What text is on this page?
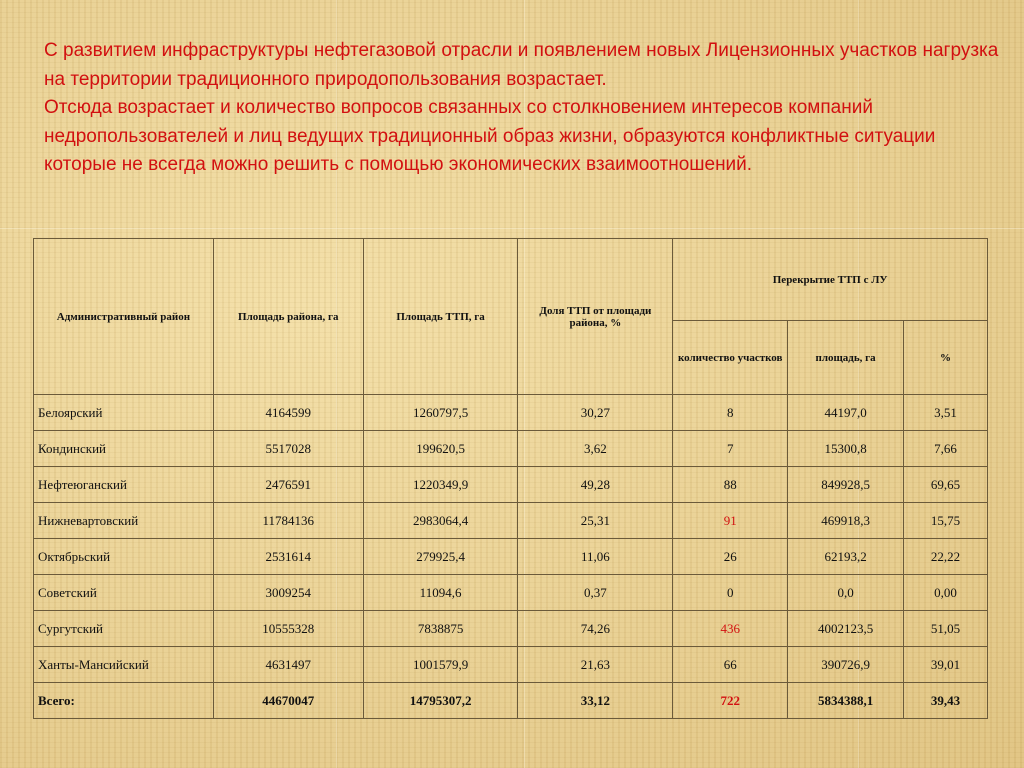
С развитием инфраструктуры нефтегазовой отрасли и появлением новых Лицензионных участков нагрузка на территории традиционного природопользования возрастает.

Отсюда возрастает и количество вопросов связанных со столкновением интересов компаний недропользователей и лиц ведущих традиционный образ жизни, образуются конфликтные ситуации которые не всегда можно решить с помощью экономических взаимоотношений.

Административный район	Площадь района, га	Площадь ТТП, га	Доля ТТП от площади района, %	Перекрытие ТТП с ЛУ		
				количество участков	площадь, га	%
Белоярский	4164599	1260797,5	30,27	8	44197,0	3,51
Кондинский	5517028	199620,5	3,62	7	15300,8	7,66
Нефтеюганский	2476591	1220349,9	49,28	88	849928,5	69,65
Нижневартовский	11784136	2983064,4	25,31	91	469918,3	15,75
Октябрьский	2531614	279925,4	11,06	26	62193,2	22,22
Советский	3009254	11094,6	0,37	0	0,0	0,00
Сургутский	10555328	7838875	74,26	436	4002123,5	51,05
Ханты-Мансийский	4631497	1001579,9	21,63	66	390726,9	39,01
Всего:	44670047	14795307,2	33,12	722	5834388,1	39,43
